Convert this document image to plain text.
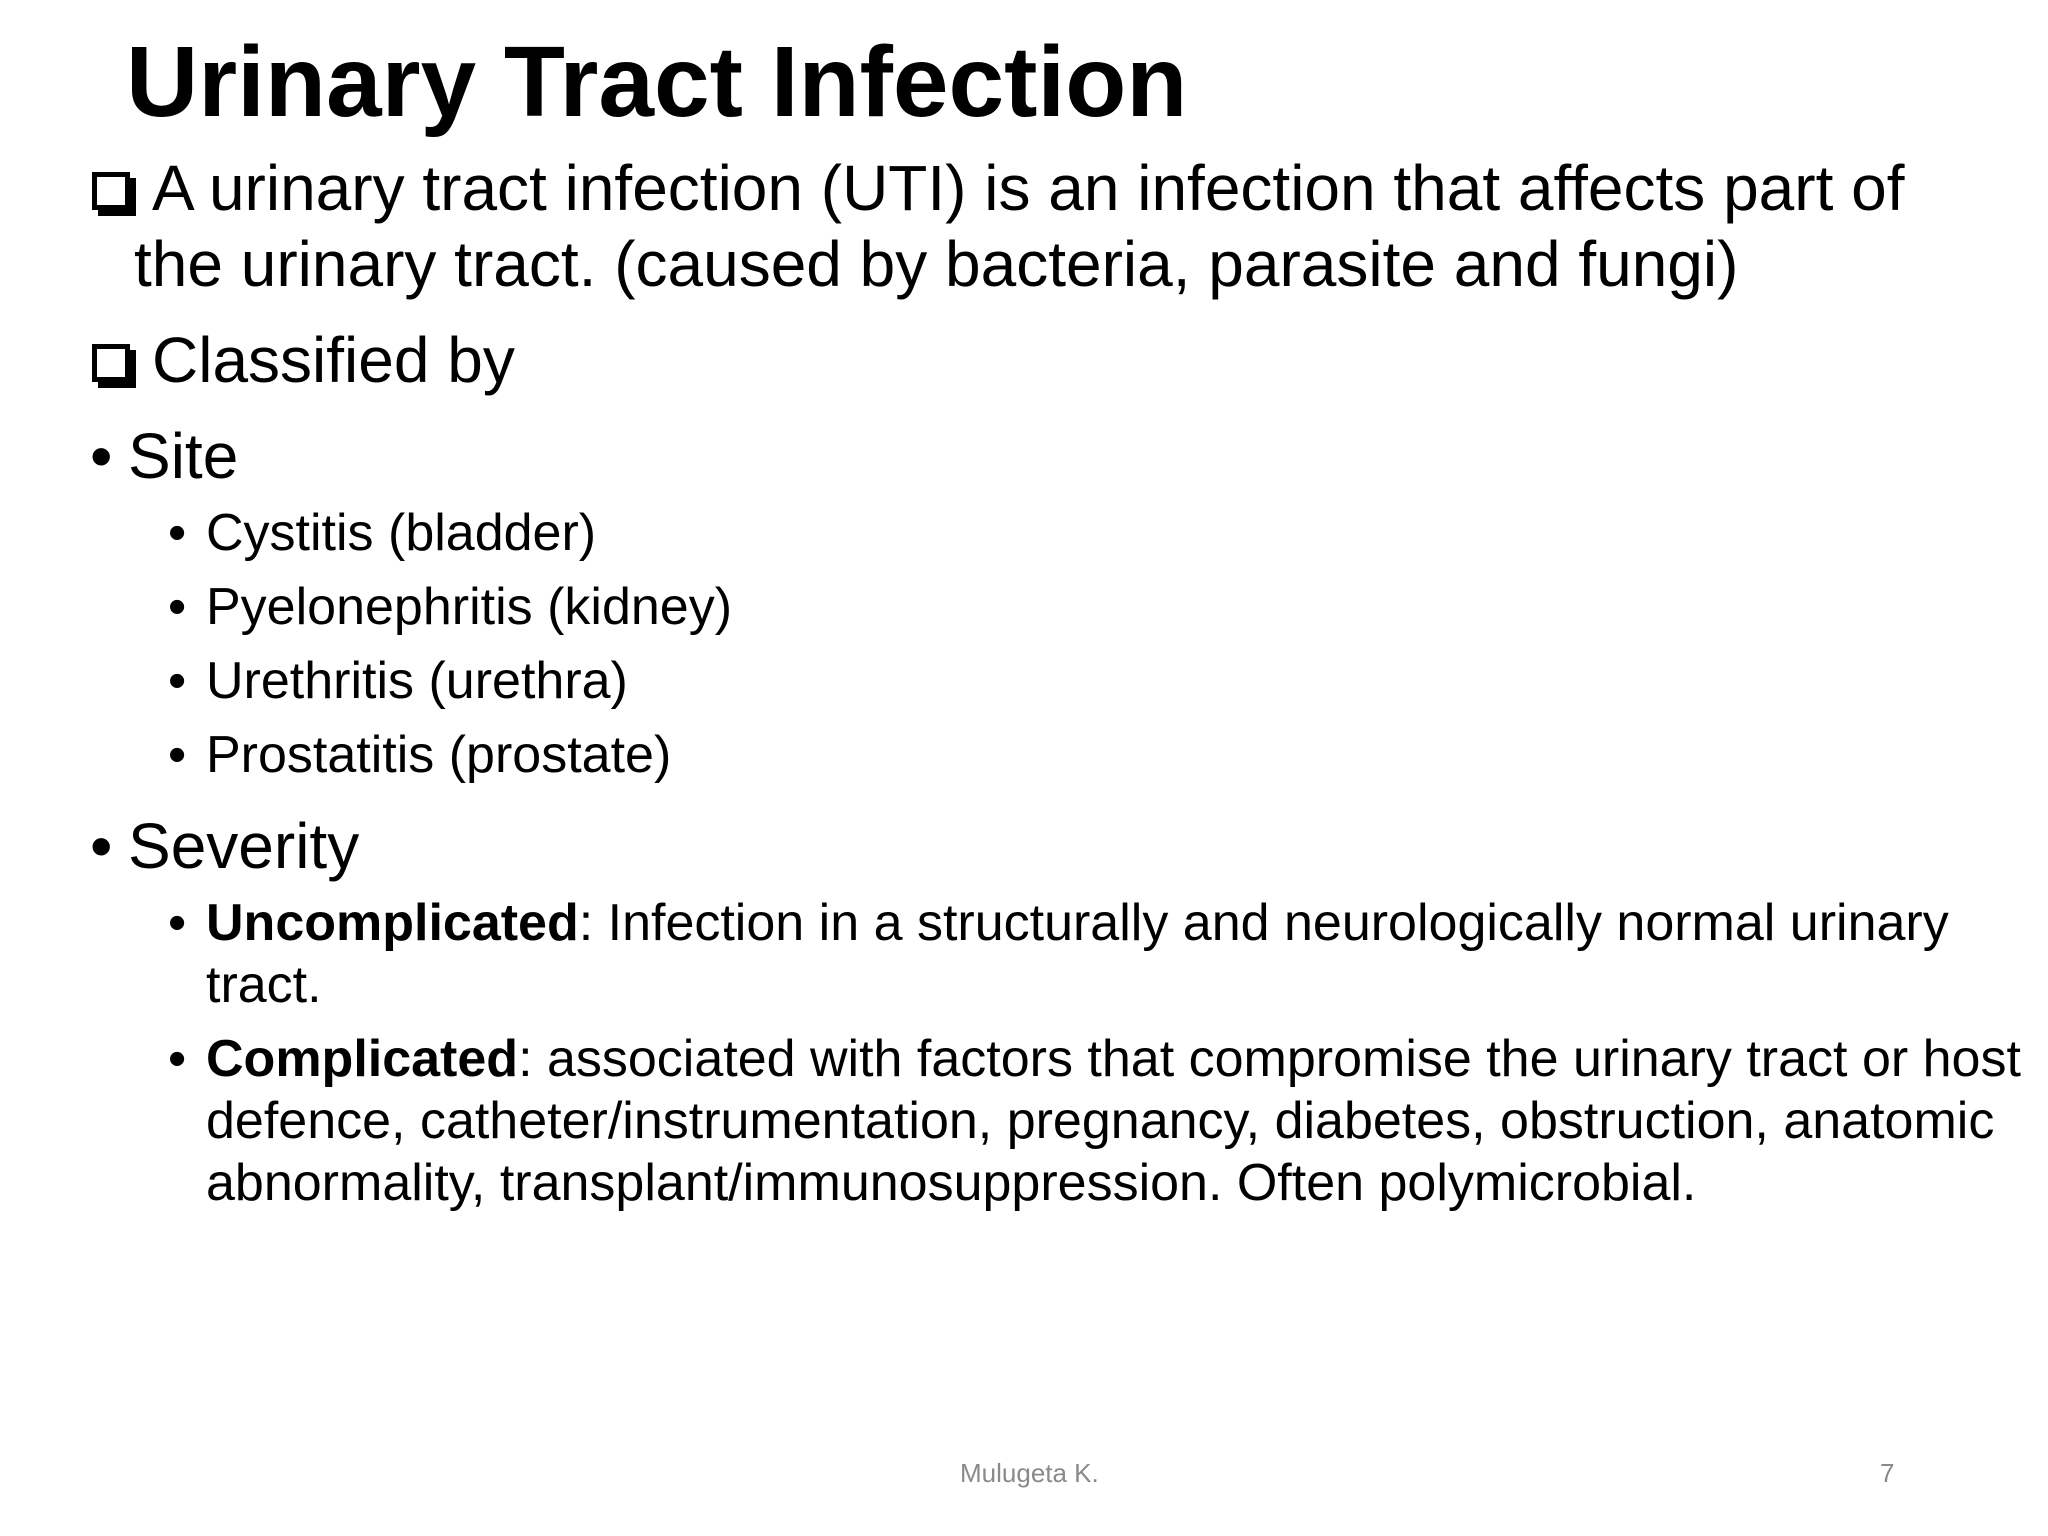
Urinary Tract Infection
A urinary tract infection (UTI) is an infection that affects part of
the urinary tract. (caused by bacteria, parasite and fungi)
Classified by
• Site
• Cystitis (bladder)
• Pyelonephritis (kidney)
• Urethritis (urethra)
• Prostatitis (prostate)
• Severity
• Uncomplicated: Infection in a structurally and neurologically normal urinary tract.
• Complicated: associated with factors that compromise the urinary tract or host defence, catheter/instrumentation, pregnancy, diabetes, obstruction, anatomic abnormality, transplant/immunosuppression. Often polymicrobial.
Mulugeta K.	7
